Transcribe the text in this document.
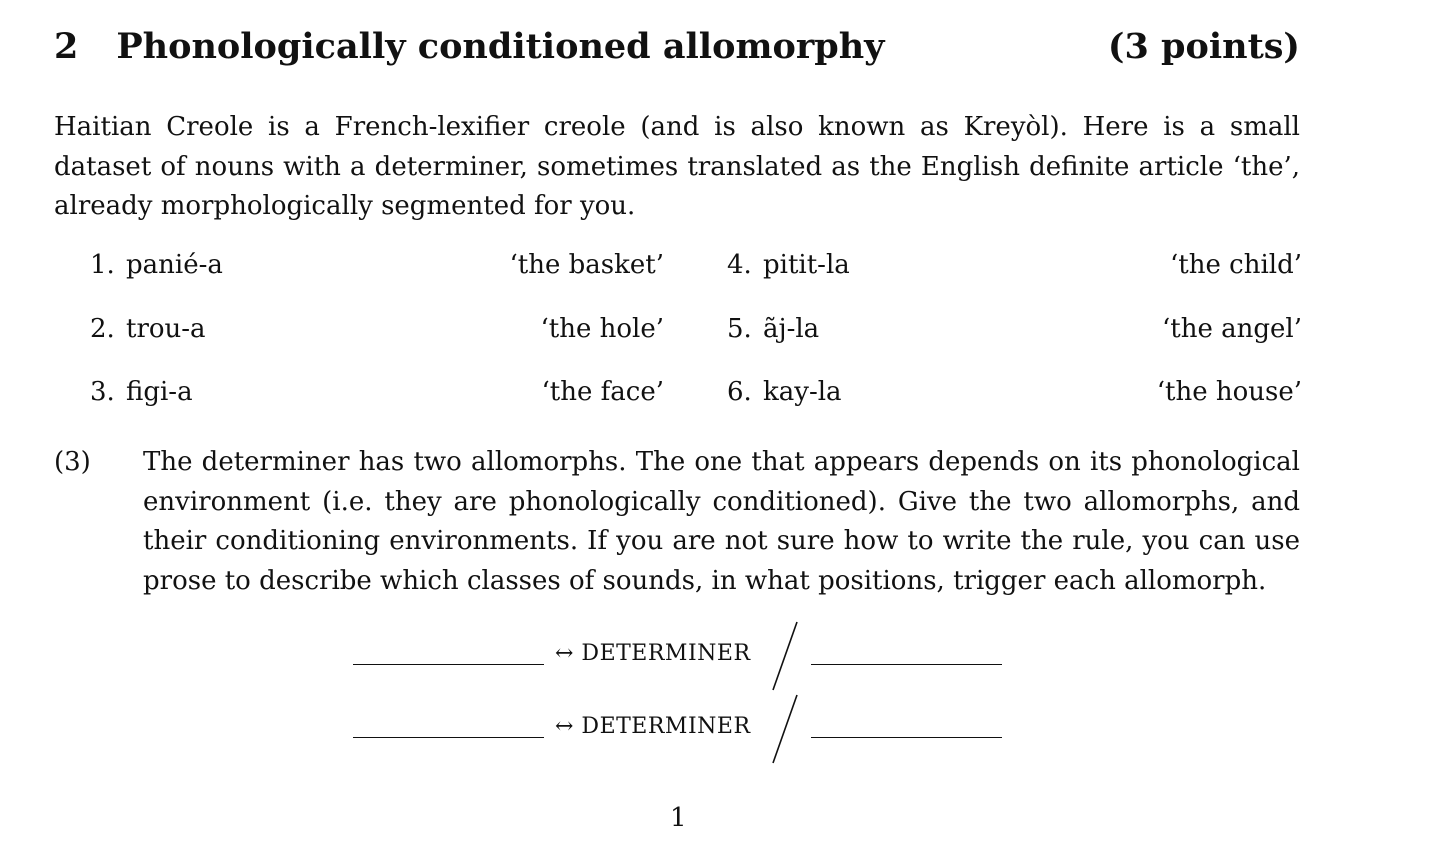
2 Phonologically conditioned allomorphy	(3 points)

Haitian Creole is a French-lexifier creole (and is also known as Kreyòl). Here is a small dataset of nouns with a determiner, sometimes translated as the English definite article ‘the’, already morphologically segmented for you.

1. panié-a	‘the basket’ 4. pitit-la	‘the child’
2. trou-a	‘the hole’ 5. ãj-la	‘the angel’
3. figi-a	‘the face’ 6. kay-la	‘the house’
(3) The determiner has two allomorphs. The one that appears depends on its phonological environment (i.e. they are phonologically conditioned). Give the two allomorphs, and their conditioning environments. If you are not sure how to write the rule, you can use prose to describe which classes of sounds, in what positions, trigger each allomorph.

↔ DETERMINER
↔ DETERMINER
1
